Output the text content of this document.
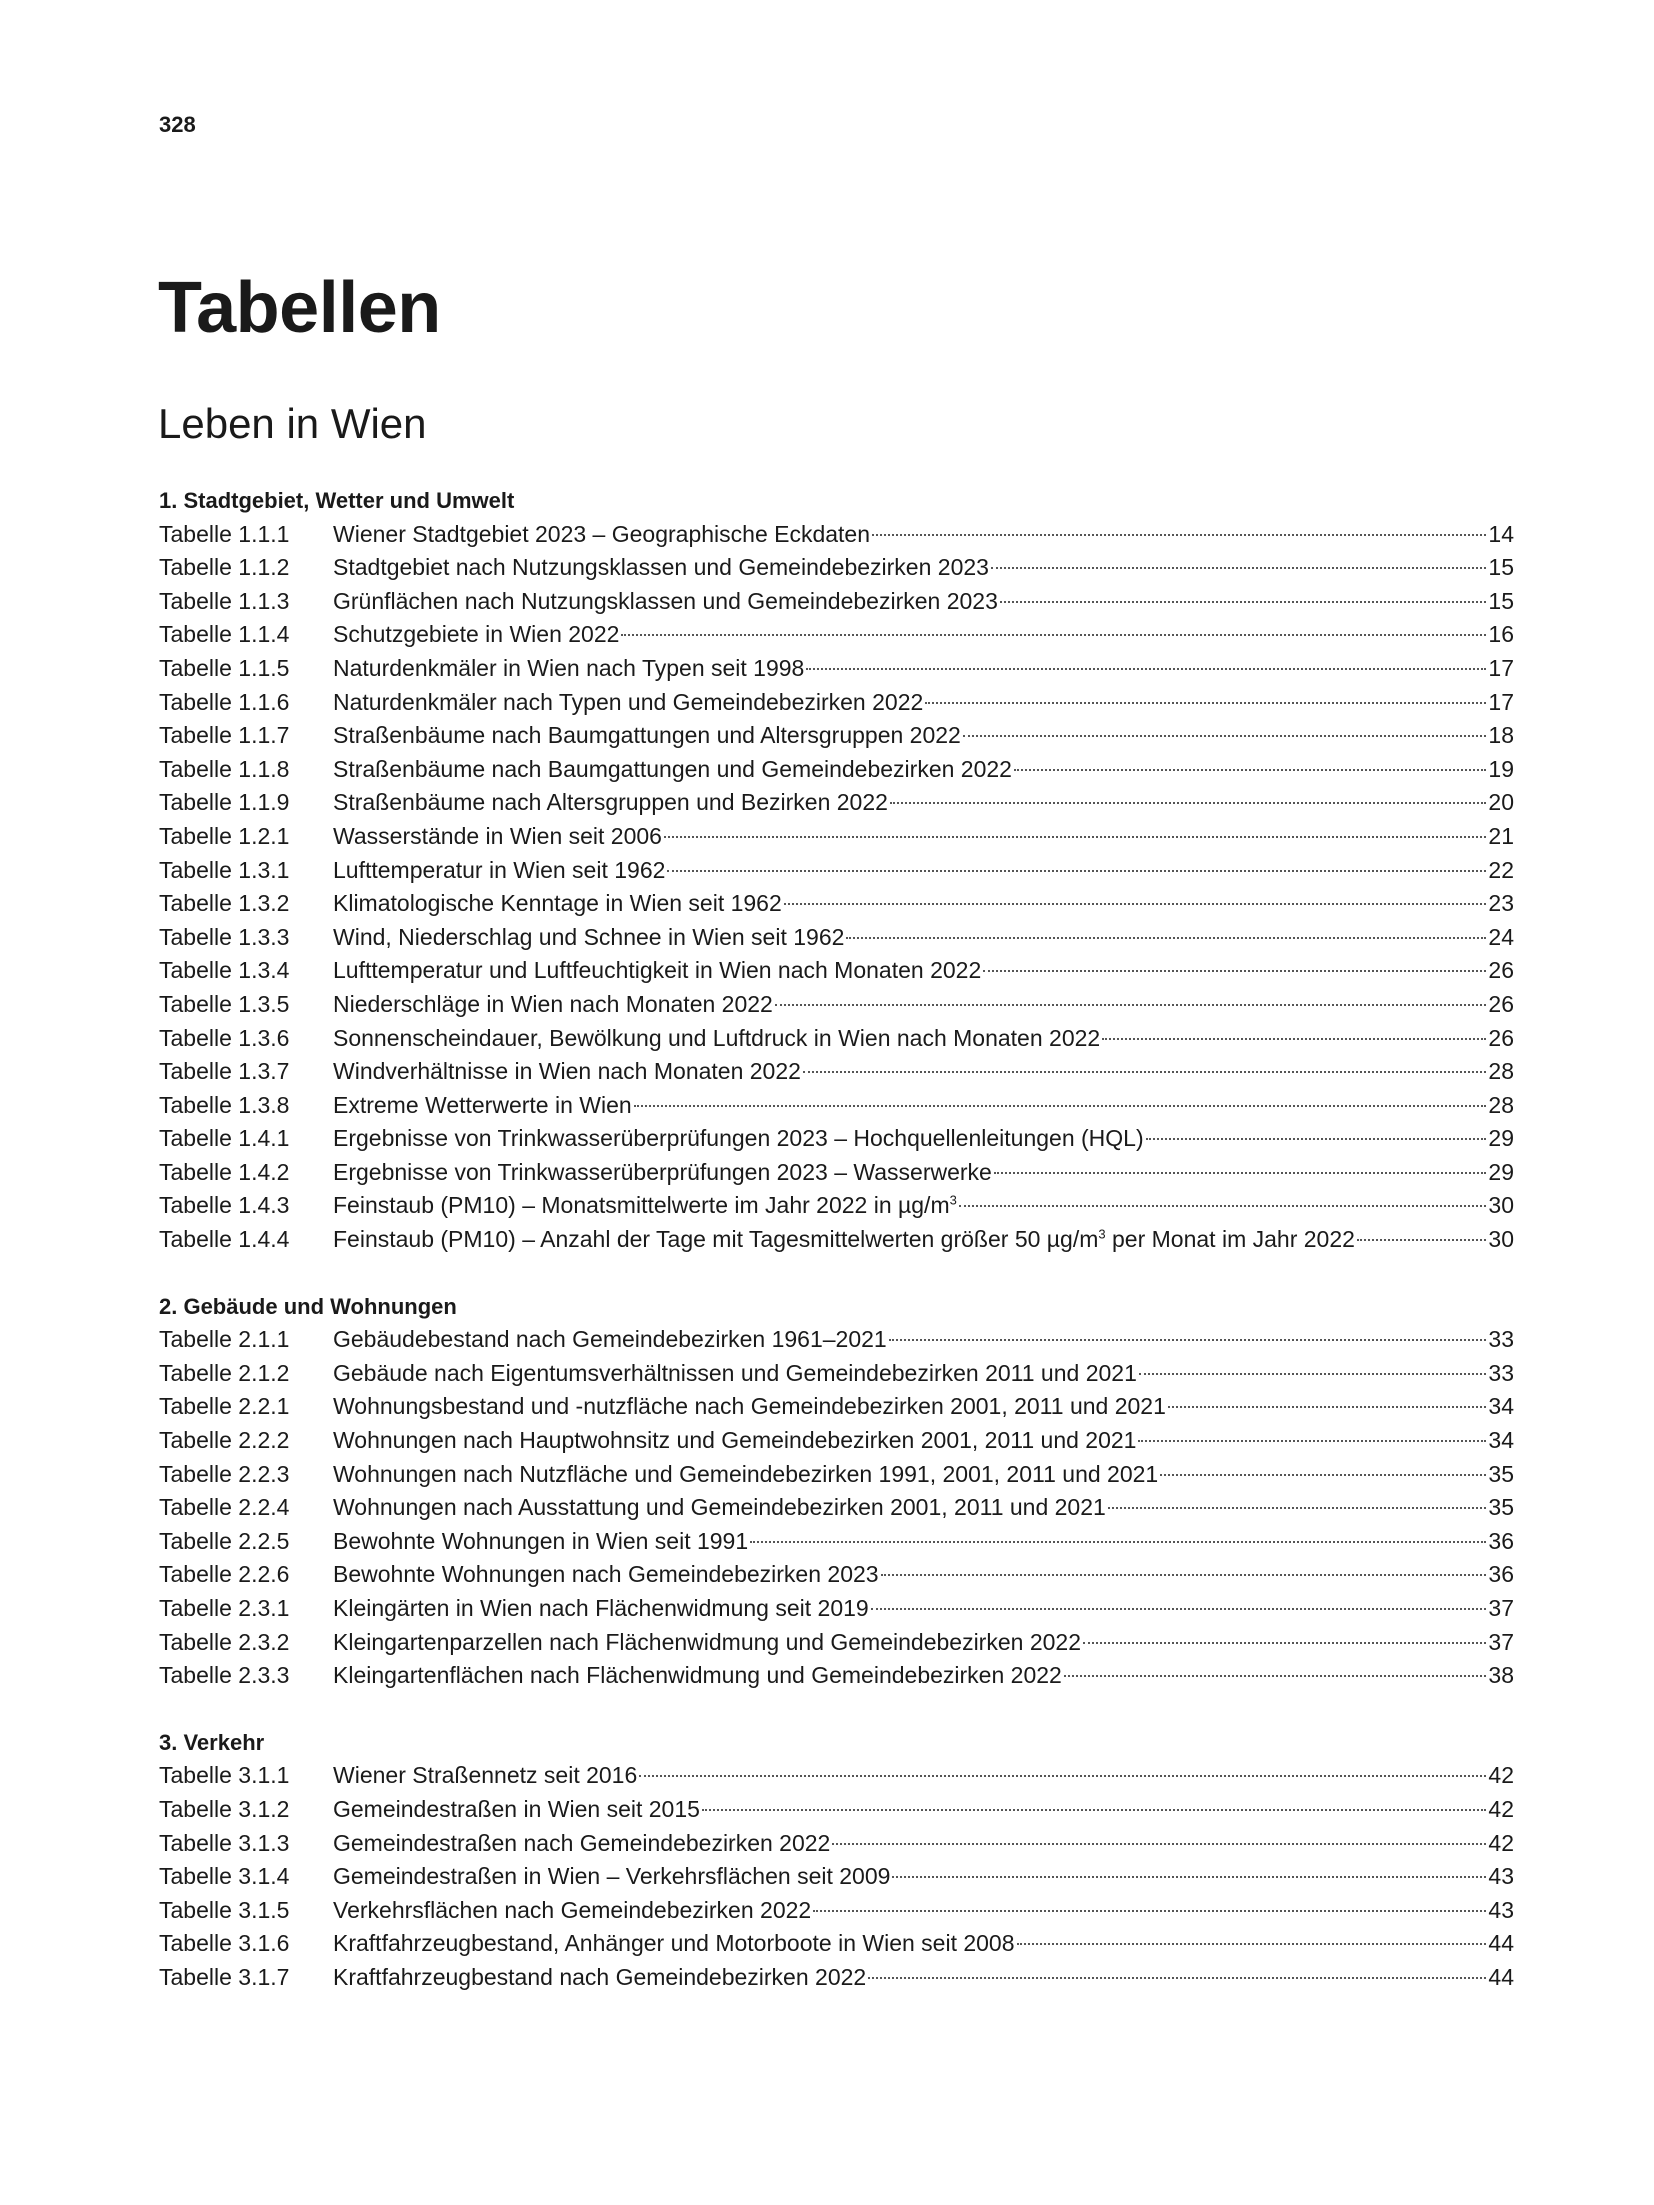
328
Tabellen
Leben in Wien
1. Stadtgebiet, Wetter und Umwelt
Tabelle 1.1.1	Wiener Stadtgebiet 2023 – Geographische Eckdaten	14
Tabelle 1.1.2	Stadtgebiet nach Nutzungsklassen und Gemeindebezirken 2023	15
Tabelle 1.1.3	Grünflächen nach Nutzungsklassen und Gemeindebezirken 2023	15
Tabelle 1.1.4	Schutzgebiete in Wien 2022	16
Tabelle 1.1.5	Naturdenkmäler in Wien nach Typen seit 1998	17
Tabelle 1.1.6	Naturdenkmäler nach Typen und Gemeindebezirken 2022	17
Tabelle 1.1.7	Straßenbäume nach Baumgattungen und Altersgruppen 2022	18
Tabelle 1.1.8	Straßenbäume nach Baumgattungen und Gemeindebezirken 2022	19
Tabelle 1.1.9	Straßenbäume nach Altersgruppen und Bezirken 2022	20
Tabelle 1.2.1	Wasserstände in Wien seit 2006	21
Tabelle 1.3.1	Lufttemperatur in Wien seit 1962	22
Tabelle 1.3.2	Klimatologische Kenntage in Wien seit 1962	23
Tabelle 1.3.3	Wind, Niederschlag und Schnee in Wien seit 1962	24
Tabelle 1.3.4	Lufttemperatur und Luftfeuchtigkeit in Wien nach Monaten 2022	26
Tabelle 1.3.5	Niederschläge in Wien nach Monaten 2022	26
Tabelle 1.3.6	Sonnenscheindauer, Bewölkung und Luftdruck in Wien nach Monaten 2022	26
Tabelle 1.3.7	Windverhältnisse in Wien nach Monaten 2022	28
Tabelle 1.3.8	Extreme Wetterwerte in Wien	28
Tabelle 1.4.1	Ergebnisse von Trinkwasserüberprüfungen 2023 – Hochquellenleitungen (HQL)	29
Tabelle 1.4.2	Ergebnisse von Trinkwasserüberprüfungen 2023 – Wasserwerke	29
Tabelle 1.4.3	Feinstaub (PM10) – Monatsmittelwerte im Jahr 2022 in $\mu g/m^3$	30
Tabelle 1.4.4	Feinstaub (PM10) – Anzahl der Tage mit Tagesmittelwerten größer 50 $\mu g/m^3$ per Monat im Jahr 2022	30
2. Gebäude und Wohnungen
Tabelle 2.1.1	Gebäudebestand nach Gemeindebezirken 1961–2021	33
Tabelle 2.1.2	Gebäude nach Eigentumsverhältnissen und Gemeindebezirken 2011 und 2021	33
Tabelle 2.2.1	Wohnungsbestand und -nutzfläche nach Gemeindebezirken 2001, 2011 und 2021	34
Tabelle 2.2.2	Wohnungen nach Hauptwohnsitz und Gemeindebezirken 2001, 2011 und 2021	34
Tabelle 2.2.3	Wohnungen nach Nutzfläche und Gemeindebezirken 1991, 2001, 2011 und 2021	35
Tabelle 2.2.4	Wohnungen nach Ausstattung und Gemeindebezirken 2001, 2011 und 2021	35
Tabelle 2.2.5	Bewohnte Wohnungen in Wien seit 1991	36
Tabelle 2.2.6	Bewohnte Wohnungen nach Gemeindebezirken 2023	36
Tabelle 2.3.1	Kleingärten in Wien nach Flächenwidmung seit 2019	37
Tabelle 2.3.2	Kleingartenparzellen nach Flächenwidmung und Gemeindebezirken 2022	37
Tabelle 2.3.3	Kleingartenflächen nach Flächenwidmung und Gemeindebezirken 2022	38
3. Verkehr
Tabelle 3.1.1	Wiener Straßennetz seit 2016	42
Tabelle 3.1.2	Gemeindestraßen in Wien seit 2015	42
Tabelle 3.1.3	Gemeindestraßen nach Gemeindebezirken 2022	42
Tabelle 3.1.4	Gemeindestraßen in Wien – Verkehrsflächen seit 2009	43
Tabelle 3.1.5	Verkehrsflächen nach Gemeindebezirken 2022	43
Tabelle 3.1.6	Kraftfahrzeugbestand, Anhänger und Motorboote in Wien seit 2008	44
Tabelle 3.1.7	Kraftfahrzeugbestand nach Gemeindebezirken 2022	44
